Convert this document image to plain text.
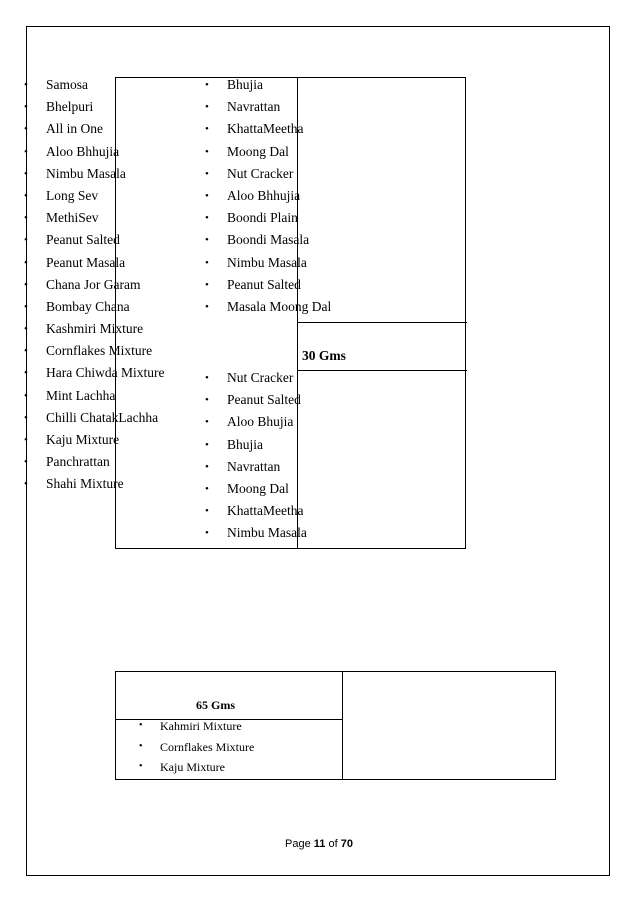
• Samosa
• Bhelpuri
• All in One
• Aloo Bhhujia
• Nimbu Masala
• Long Sev
• MethiSev
• Peanut Salted
• Peanut Masala
• Chana Jor Garam
• Bombay Chana
• Kashmiri Mixture
• Cornflakes Mixture
• Hara Chiwda Mixture
• Mint Lachha
• Chilli ChatakLachha
• Kaju Mixture
• Panchrattan
• Shahi Mixture
• Bhujia
• Navrattan
• KhattaMeetha
• Moong Dal
• Nut Cracker
• Aloo Bhhujia
• Boondi Plain
• Boondi Masala
• Nimbu Masala
• Peanut Salted
• Masala Moong Dal
30 Gms
• Nut Cracker
• Peanut Salted
• Aloo Bhujia
• Bhujia
• Navrattan
• Moong Dal
• KhattaMeetha
• Nimbu Masala
65 Gms
• Kahmiri Mixture
• Cornflakes Mixture
• Kaju Mixture
Page 11 of 70
